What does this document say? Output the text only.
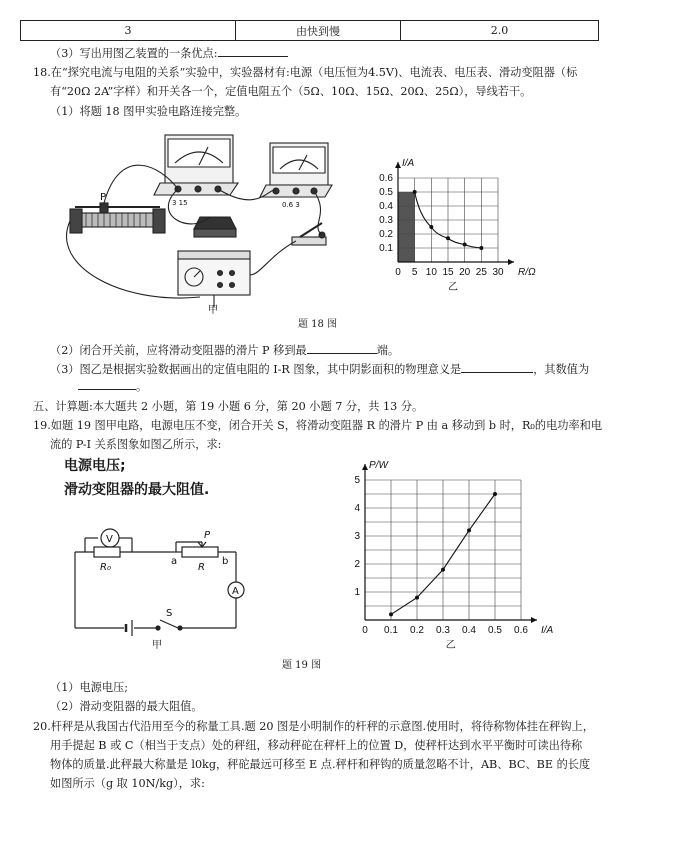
3	由快到慢	2.0
（3）写出用图乙装置的一条优点:
18.在“探究电流与电阻的关系”实验中，实验器材有:电源（电压恒为4.5V)、电流表、电压表、滑动变阻器（标
有“20Ω 2A”字样）和开关各一个，定值电阻五个（5Ω、10Ω、15Ω、20Ω、25Ω），导线若干。
（1）将题 18 图甲实验电路连接完整。
P	3 15	0.6 3
甲
0 5 10 15 20 25 30
0.1
0.2
0.3
0.4
0.5
0.6
R/Ω
I/A
乙
题 18 图
（2）闭合开关前，应将滑动变阻器的滑片 P 移到最	端。
（3）图乙是根据实验数据画出的定值电阻的 I-R 图象，其中阴影面积的物理意义是	，其数值为
。
五、计算题:本大题共 2 小题，第 19 小题 6 分，第 20 小题 7 分，共 13 分。
19.如题 19 图甲电路，电源电压不变，闭合开关 S，将滑动变阻器 R 的滑片 P 由 a 移动到 b 时，R₀的电功率和电
流的 P-I 关系图象如图乙所示，求:
电源电压;
滑动变阻器的最大阻值.
V
R₀
a
P
R
b
A
S
甲
0 0.1 0.2 0.3 0.4 0.5 0.6
1
2
3
4
5
I/A
P/W
乙
题 19 图
（1）电源电压;
（2）滑动变阻器的最大阻值。
20.杆秤是从我国古代沿用至今的称量工具.题 20 图是小明制作的杆秤的示意图.使用时，将待称物体挂在秤钩上，
用手提起 B 或 C（相当于支点）处的秤纽，移动秤砣在秤杆上的位置 D，使秤杆达到水平平衡时可读出待称
物体的质量.此秤最大称量是 l0kg，秤砣最远可移至 E 点.秤杆和秤钩的质量忽略不计，AB、BC、BE 的长度
如图所示（g 取 10N/kg），求:
